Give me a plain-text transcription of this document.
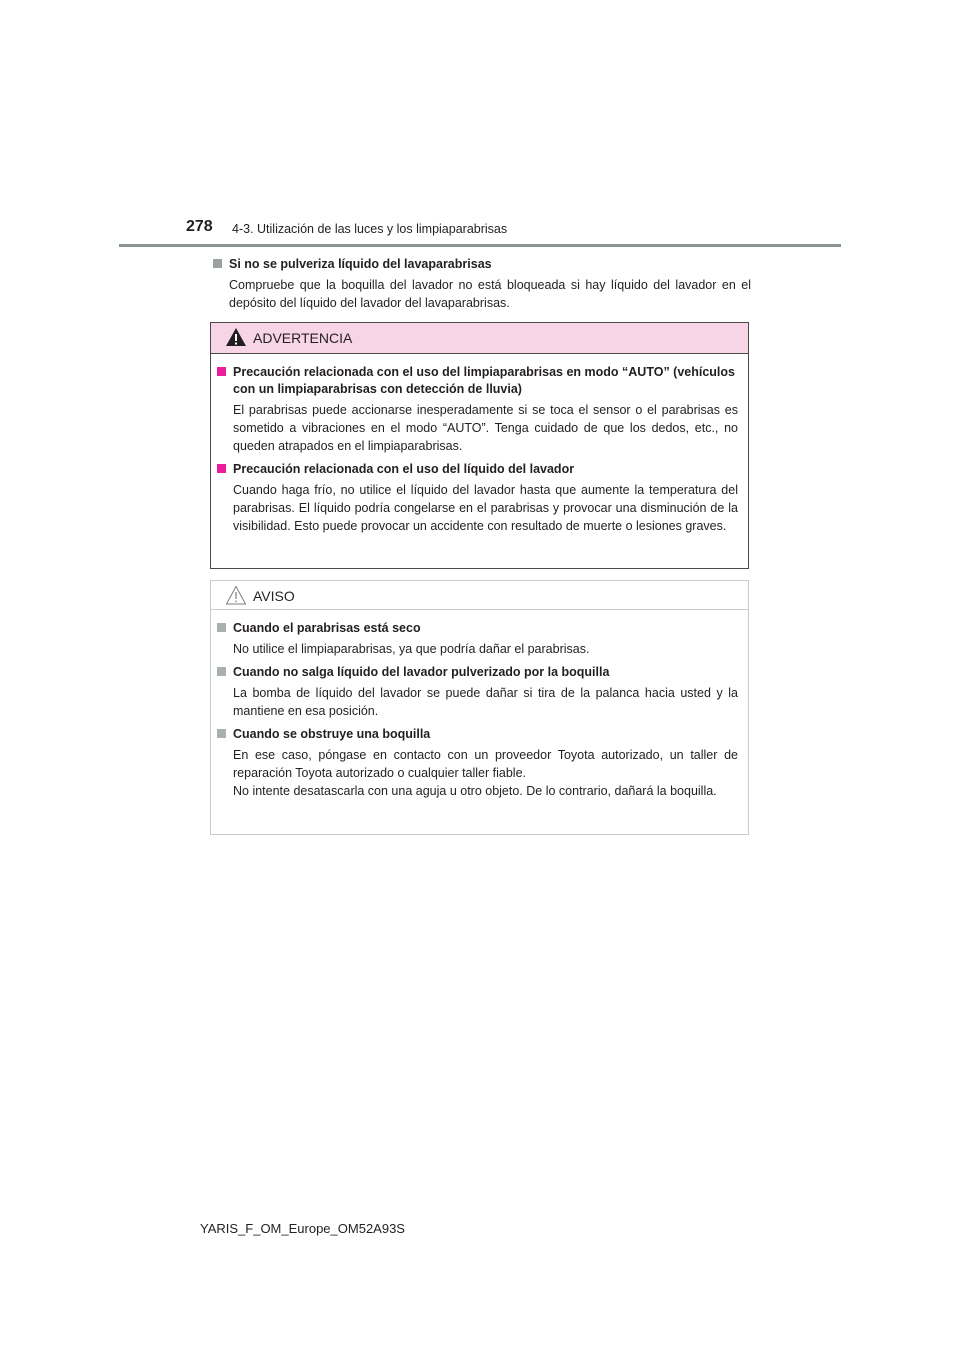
278 4-3. Utilización de las luces y los limpiaparabrisas
Si no se pulveriza líquido del lavaparabrisas
Compruebe que la boquilla del lavador no está bloqueada si hay líquido del lavador en el depósito del líquido del lavador del lavaparabrisas.
ADVERTENCIA
Precaución relacionada con el uso del limpiaparabrisas en modo “AUTO” (vehículos con un limpiaparabrisas con detección de lluvia)
El parabrisas puede accionarse inesperadamente si se toca el sensor o el parabrisas es sometido a vibraciones en el modo “AUTO”. Tenga cuidado de que los dedos, etc., no queden atrapados en el limpiaparabrisas.
Precaución relacionada con el uso del líquido del lavador
Cuando haga frío, no utilice el líquido del lavador hasta que aumente la temperatura del parabrisas. El líquido podría congelarse en el parabrisas y provocar una disminución de la visibilidad. Esto puede provocar un accidente con resultado de muerte o lesiones graves.
AVISO
Cuando el parabrisas está seco
No utilice el limpiaparabrisas, ya que podría dañar el parabrisas.
Cuando no salga líquido del lavador pulverizado por la boquilla
La bomba de líquido del lavador se puede dañar si tira de la palanca hacia usted y la mantiene en esa posición.
Cuando se obstruye una boquilla
En ese caso, póngase en contacto con un proveedor Toyota autorizado, un taller de reparación Toyota autorizado o cualquier taller fiable.
No intente desatascarla con una aguja u otro objeto. De lo contrario, dañará la boquilla.
YARIS_F_OM_Europe_OM52A93S
